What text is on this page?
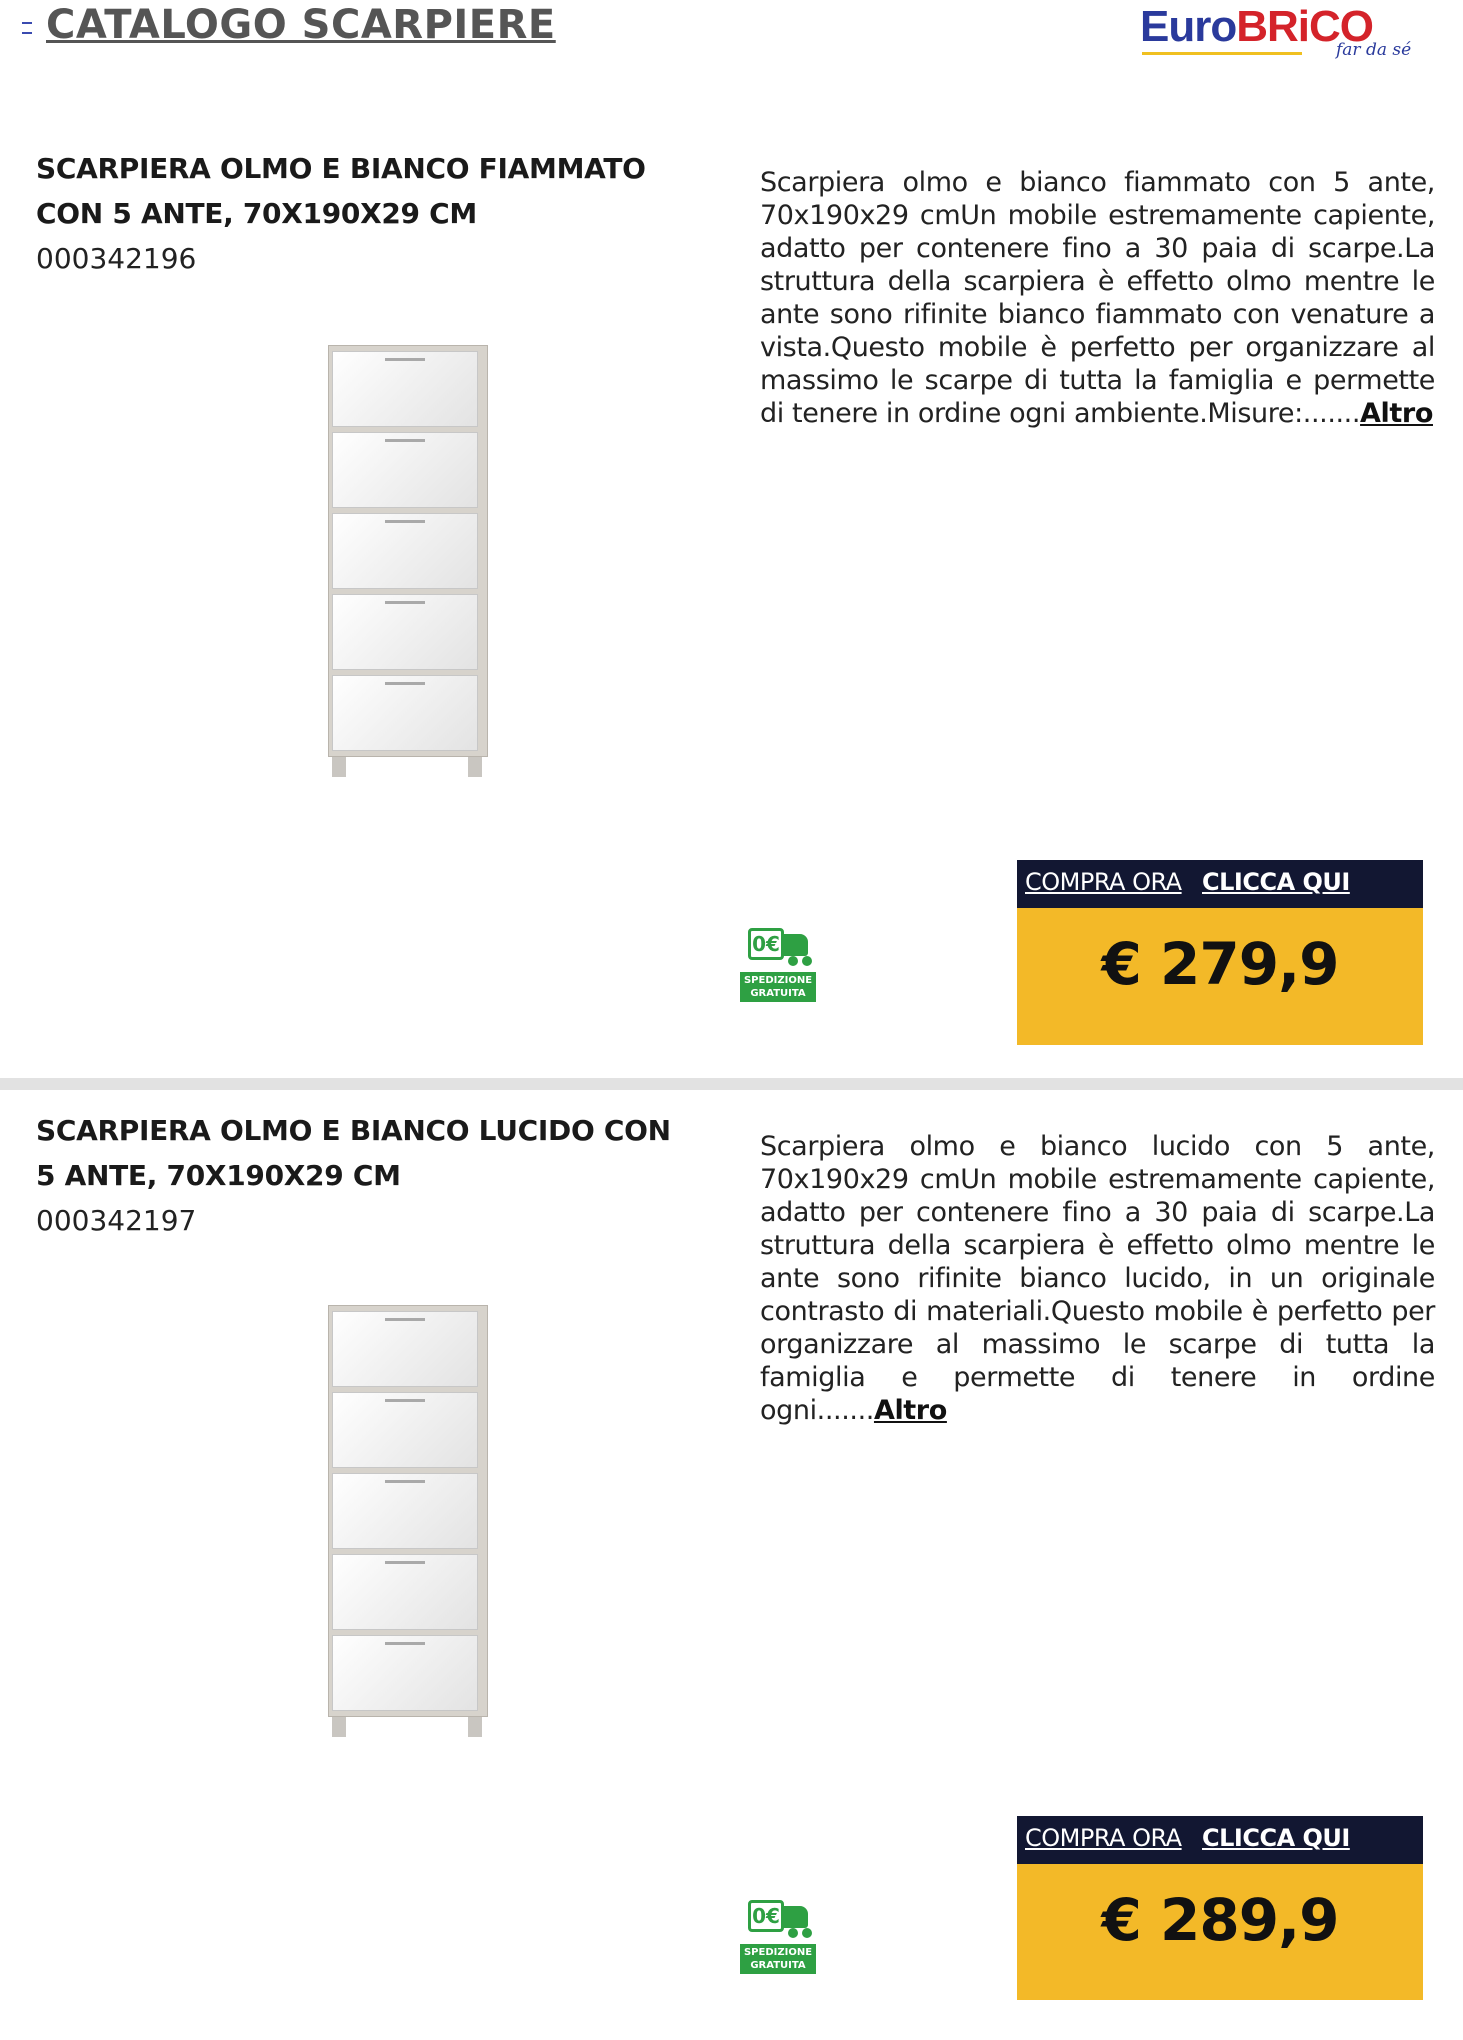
CATALOGO SCARPIERE	EuroBRiCO
far da sé
SCARPIERA OLMO E BIANCO FIAMMATO CON 5 ANTE, 70X190X29 CM
000342196

Scarpiera olmo e bianco fiammato con 5 ante, 70x190x29 cmUn mobile estremamente capiente, adatto per contenere fino a 30 paia di scarpe.La struttura della scarpiera è effetto olmo mentre le ante sono rifinite bianco fiammato con venature a vista.Questo mobile è perfetto per organizzare al massimo le scarpe di tutta la famiglia e permette di tenere in ordine ogni ambiente.Misure:.......Altro

0€
SPEDIZIONE
GRATUITA
COMPRA ORA CLICCA QUI
€ 279,9
SCARPIERA OLMO E BIANCO LUCIDO CON 5 ANTE, 70X190X29 CM
000342197

Scarpiera olmo e bianco lucido con 5 ante, 70x190x29 cmUn mobile estremamente capiente, adatto per contenere fino a 30 paia di scarpe.La struttura della scarpiera è effetto olmo mentre le ante sono rifinite bianco lucido, in un originale contrasto di materiali.Questo mobile è perfetto per organizzare al massimo le scarpe di tutta la famiglia e permette di tenere in ordine ogni.......Altro

0€
SPEDIZIONE
GRATUITA
COMPRA ORA CLICCA QUI
€ 289,9
